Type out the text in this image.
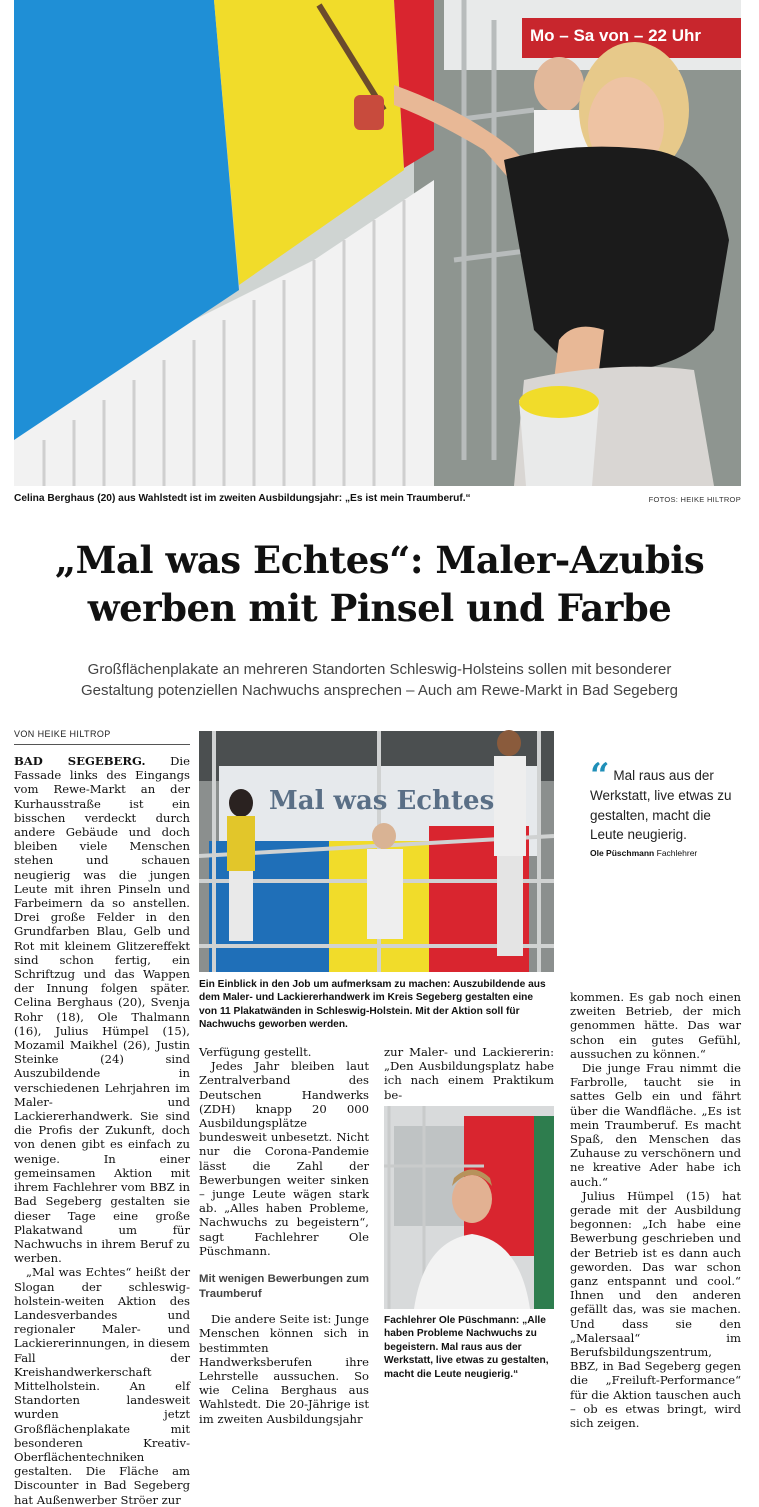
Mo – Sa von – 22 Uhr
Celina Berghaus (20) aus Wahlstedt ist im zweiten Ausbildungsjahr: „Es ist mein Traumberuf.“	FOTOS: HEIKE HILTROP
„Mal was Echtes“: Maler-Azubis
werben mit Pinsel und Farbe
Großflächenplakate an mehreren Standorten Schleswig-Holsteins sollen mit besonderer
Gestaltung potenziellen Nachwuchs ansprechen – Auch am Rewe-Markt in Bad Segeberg
VON HEIKE HILTROP

BAD SEGEBERG. Die Fassade links des Eingangs vom Rewe-Markt an der Kurhausstraße ist ein bisschen verdeckt durch andere Gebäude und doch bleiben viele Menschen stehen und schauen neugierig was die jungen Leute mit ihren Pinseln und Farbeimern da so anstellen. Drei große Felder in den Grundfarben Blau, Gelb und Rot mit kleinem Glitzereffekt sind schon fertig, ein Schriftzug und das Wappen der Innung folgen später. Celina Berghaus (20), Svenja Rohr (18), Ole Thalmann (16), Julius Hümpel (15), Mozamil Maikhel (26), Justin Steinke (24) sind Auszubildende in verschiedenen Lehrjahren im Maler- und Lackiererhandwerk. Sie sind die Profis der Zukunft, doch von denen gibt es einfach zu wenige. In einer gemeinsamen Aktion mit ihrem Fachlehrer vom BBZ in Bad Segeberg gestalten sie dieser Tage eine große Plakatwand um für Nachwuchs in ihrem Beruf zu werben.

„Mal was Echtes“ heißt der Slogan der schleswig-holstein-weiten Aktion des Landesverbandes und regionaler Maler- und Lackiererinnungen, in diesem Fall der Kreishandwerkerschaft Mittelholstein. An elf Standorten landesweit wurden jetzt Großflächenplakate mit besonderen Kreativ-Oberflächentechniken gestalten. Die Fläche am Discounter in Bad Segeberg hat Außenwerber Ströer zur

Mal was Echtes
Ein Einblick in den Job um aufmerksam zu machen: Auszubildende aus dem Maler- und Lackiererhandwerk im Kreis Segeberg gestalten eine von 11 Plakatwänden in Schleswig-Holstein. Mit der Aktion soll für Nachwuchs geworben werden.
“ Mal raus aus der Werkstatt, live etwas zu gestalten, macht die Leute neugierig.
Ole Püschmann Fachlehrer

Verfügung gestellt.

Jedes Jahr bleiben laut Zentralverband des Deutschen Handwerks (ZDH) knapp 20 000 Ausbildungsplätze bundesweit unbesetzt. Nicht nur die Corona-Pandemie lässt die Zahl der Bewerbungen weiter sinken – junge Leute wägen stark ab. „Alles haben Probleme, Nachwuchs zu begeistern“, sagt Fachlehrer Ole Püschmann.

Mit wenigen Bewerbungen zum Traumberuf

Die andere Seite ist: Junge Menschen können sich in bestimmten Handwerksberufen ihre Lehrstelle aussuchen. So wie Celina Berghaus aus Wahlstedt. Die 20-Jährige ist im zweiten Ausbildungsjahr

zur Maler- und Lackiererin: „Den Ausbildungsplatz habe ich nach einem Praktikum be-

Fachlehrer Ole Püschmann: „Alle haben Probleme Nachwuchs zu begeistern. Mal raus aus der Werkstatt, live etwas zu gestalten, macht die Leute neugierig.“

kommen. Es gab noch einen zweiten Betrieb, der mich genommen hätte. Das war schon ein gutes Gefühl, aussuchen zu können.“

Die junge Frau nimmt die Farbrolle, taucht sie in sattes Gelb ein und fährt über die Wandfläche. „Es ist mein Traumberuf. Es macht Spaß, den Menschen das Zuhause zu verschönern und ne kreative Ader habe ich auch.“

Julius Hümpel (15) hat gerade mit der Ausbildung begonnen: „Ich habe eine Bewerbung geschrieben und der Betrieb ist es dann auch geworden. Das war schon ganz entspannt und cool.“ Ihnen und den anderen gefällt das, was sie machen. Und dass sie den „Malersaal“ im Berufsbildungszentrum, BBZ, in Bad Segeberg gegen die „Freiluft-Performance“ für die Aktion tauschen auch – ob es etwas bringt, wird sich zeigen.
